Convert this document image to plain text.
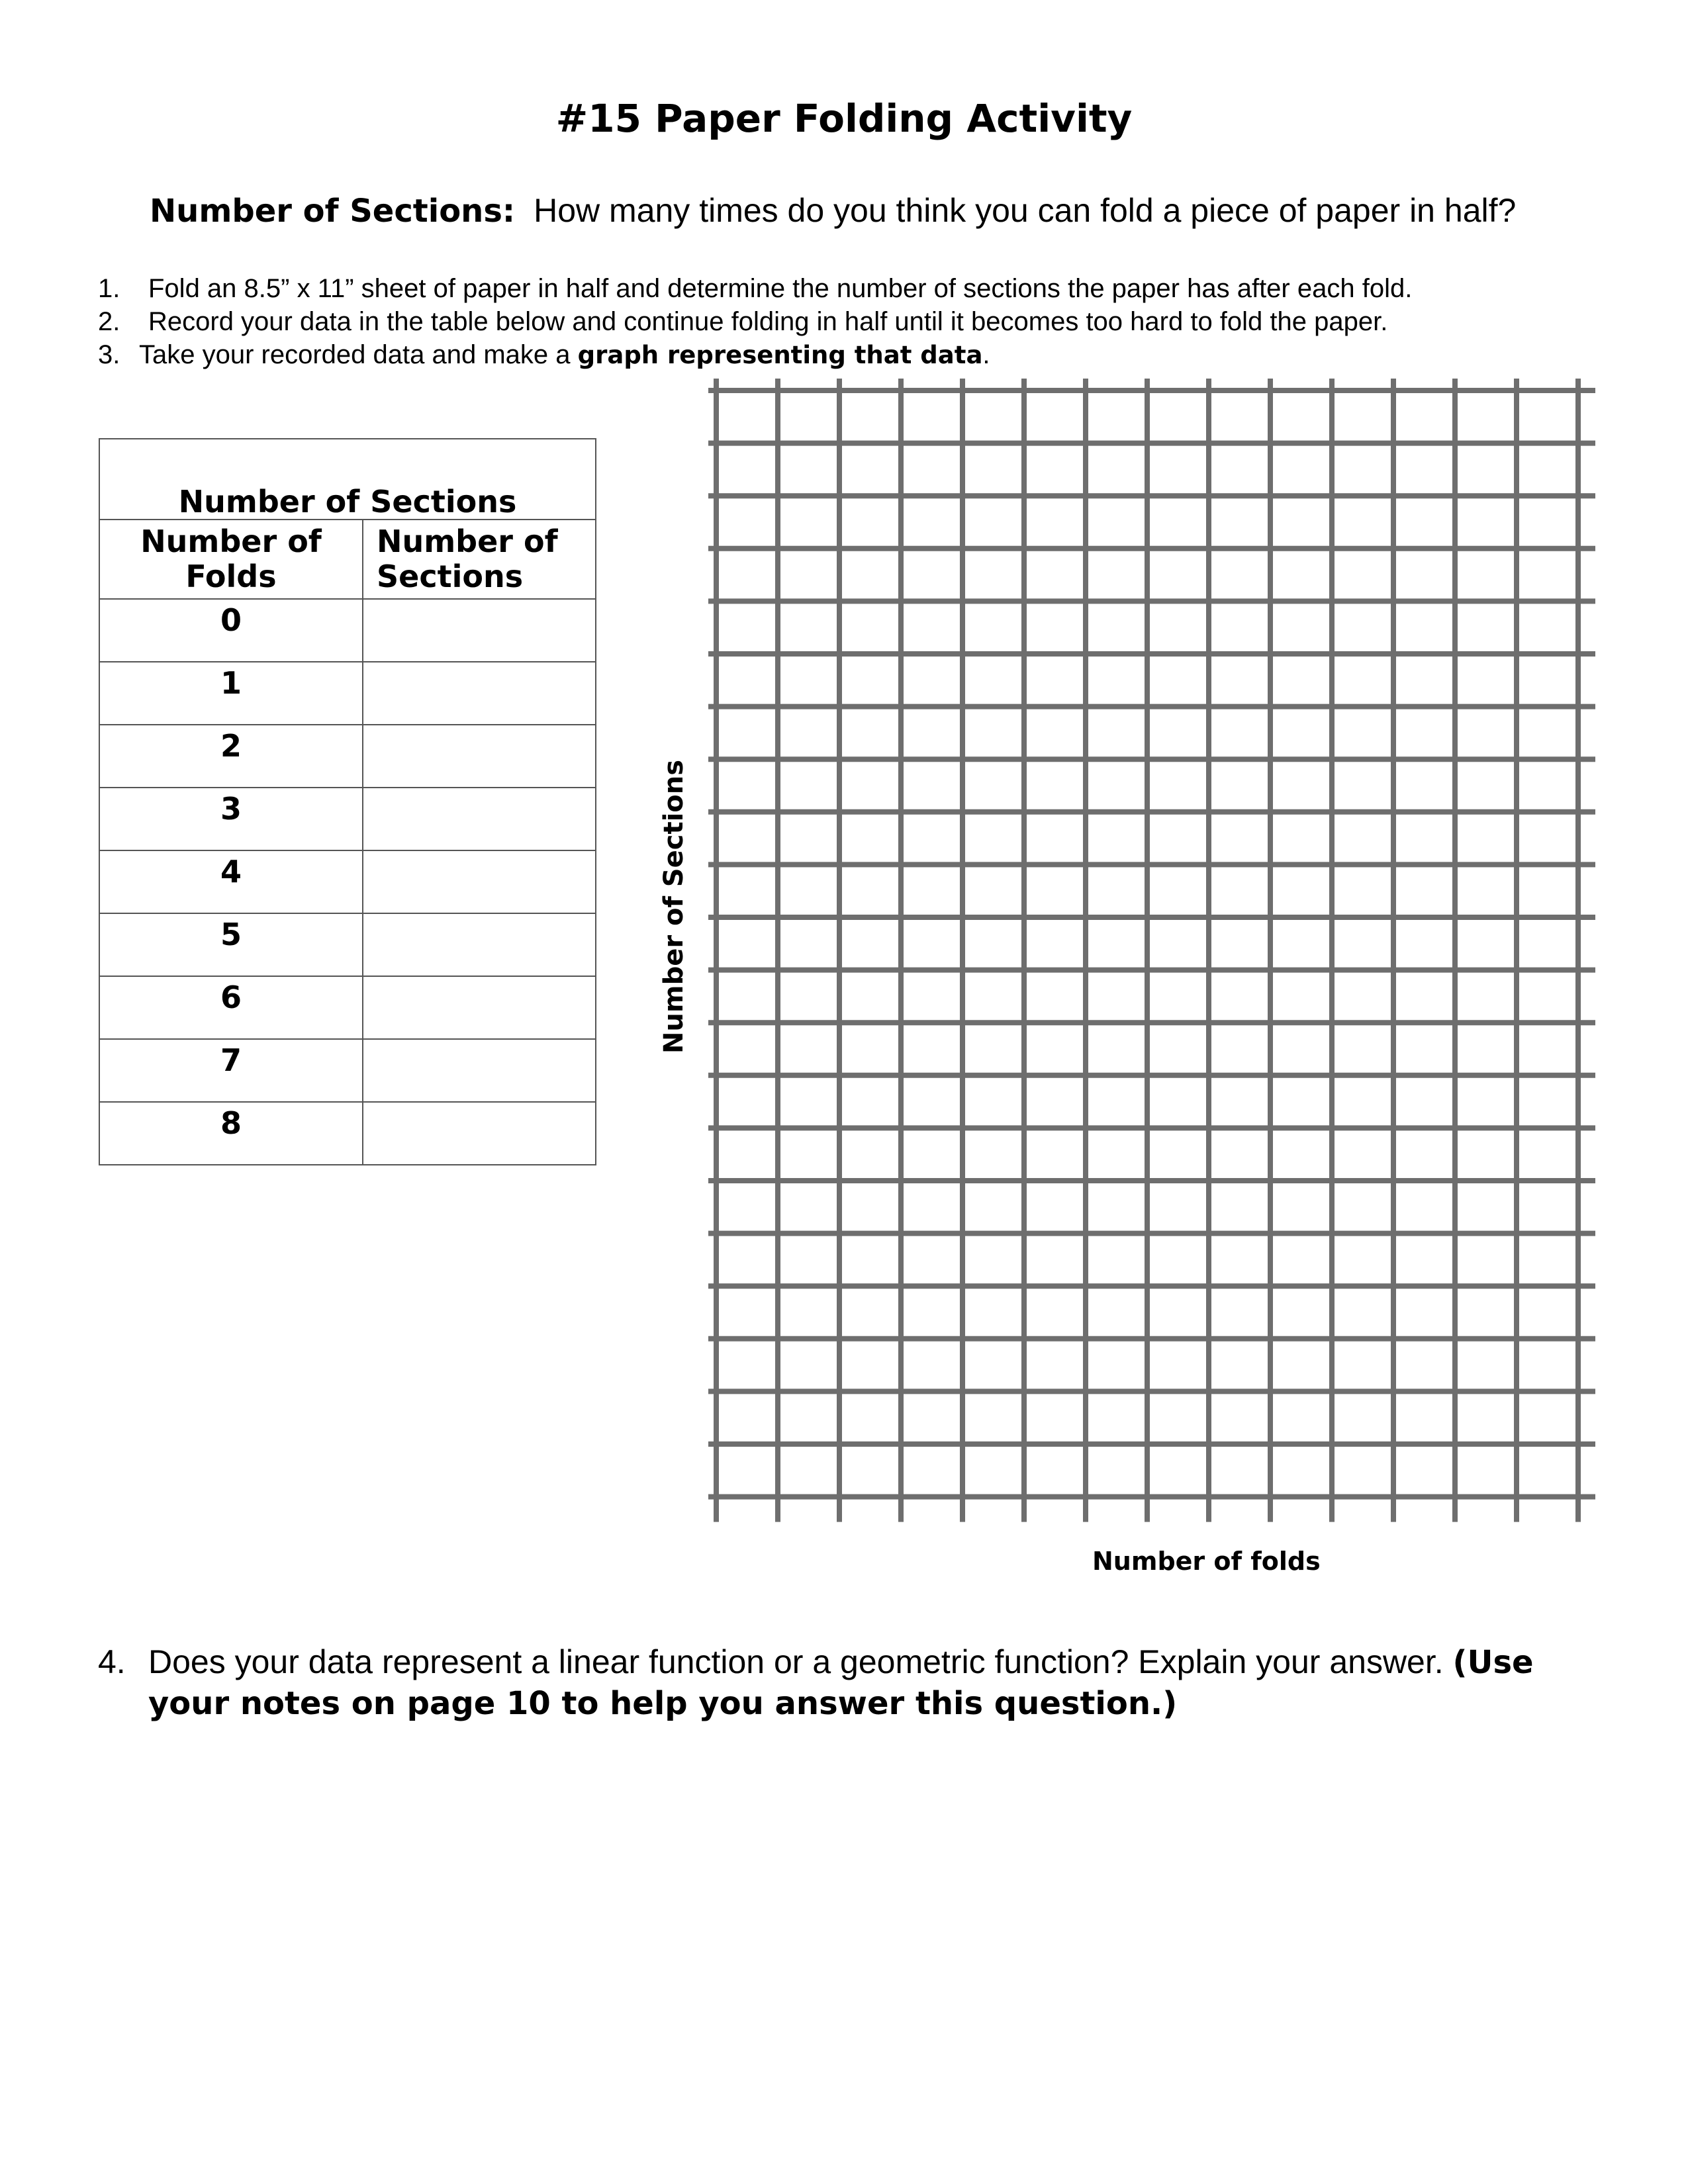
#15 Paper Folding Activity

Number of Sections: How many times do you think you can fold a piece of paper in half?

1. Fold an 8.5” x 11” sheet of paper in half and determine the number of sections the paper has after each fold.
2. Record your data in the table below and continue folding in half until it becomes too hard to fold the paper.
3. Take your recorded data and make a graph representing that data.
Number of Sections	
Number of Folds	Number of Sections
0	
1	
2	
3	
4	
5	
6	
7	
8	
Number of Sections
Number of folds

4. Does your data represent a linear function or a geometric function? Explain your answer. (Use
your notes on page 10 to help you answer this question.)
